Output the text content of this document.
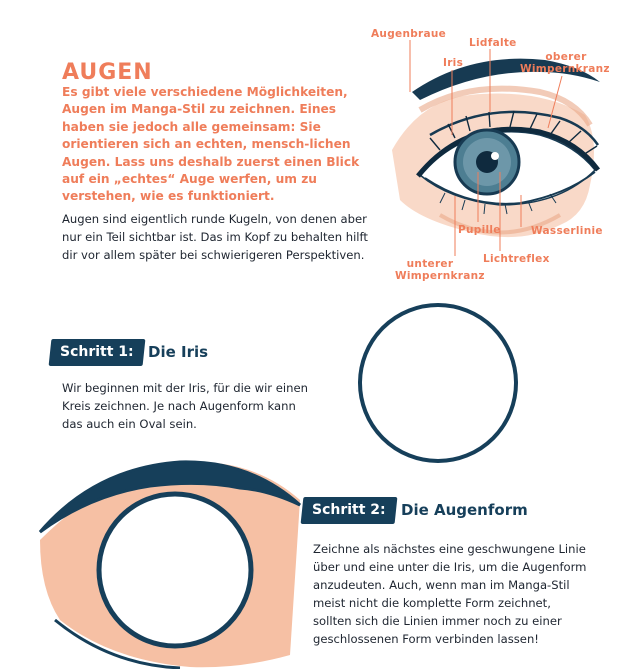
AUGEN
Es gibt viele verschiedene Möglichkeiten, Augen im Manga-Stil zu zeichnen. Eines haben sie jedoch alle gemeinsam: Sie orientieren sich an echten, mensch-lichen Augen. Lass uns deshalb zuerst einen Blick auf ein „echtes“ Auge werfen, um zu verstehen, wie es funktioniert.
Augen sind eigentlich runde Kugeln, von denen aber nur ein Teil sichtbar ist. Das im Kopf zu behalten hilft dir vor allem später bei schwierigeren Perspektiven.
Augenbraue
Iris
Lidfalte
oberer
Wimpernkranz
Pupille	Wasserlinie
unterer
Wimpernkranz
Lichtreflex
Schritt 1: Die Iris
Wir beginnen mit der Iris, für die wir einen Kreis zeichnen. Je nach Augenform kann das auch ein Oval sein.
Schritt 2:	Die Augenform
Zeichne als nächstes eine geschwungene Linie über und eine unter die Iris, um die Augenform anzudeuten. Auch, wenn man im Manga-Stil meist nicht die komplette Form zeichnet, sollten sich die Linien immer noch zu einer geschlossenen Form verbinden lassen!
